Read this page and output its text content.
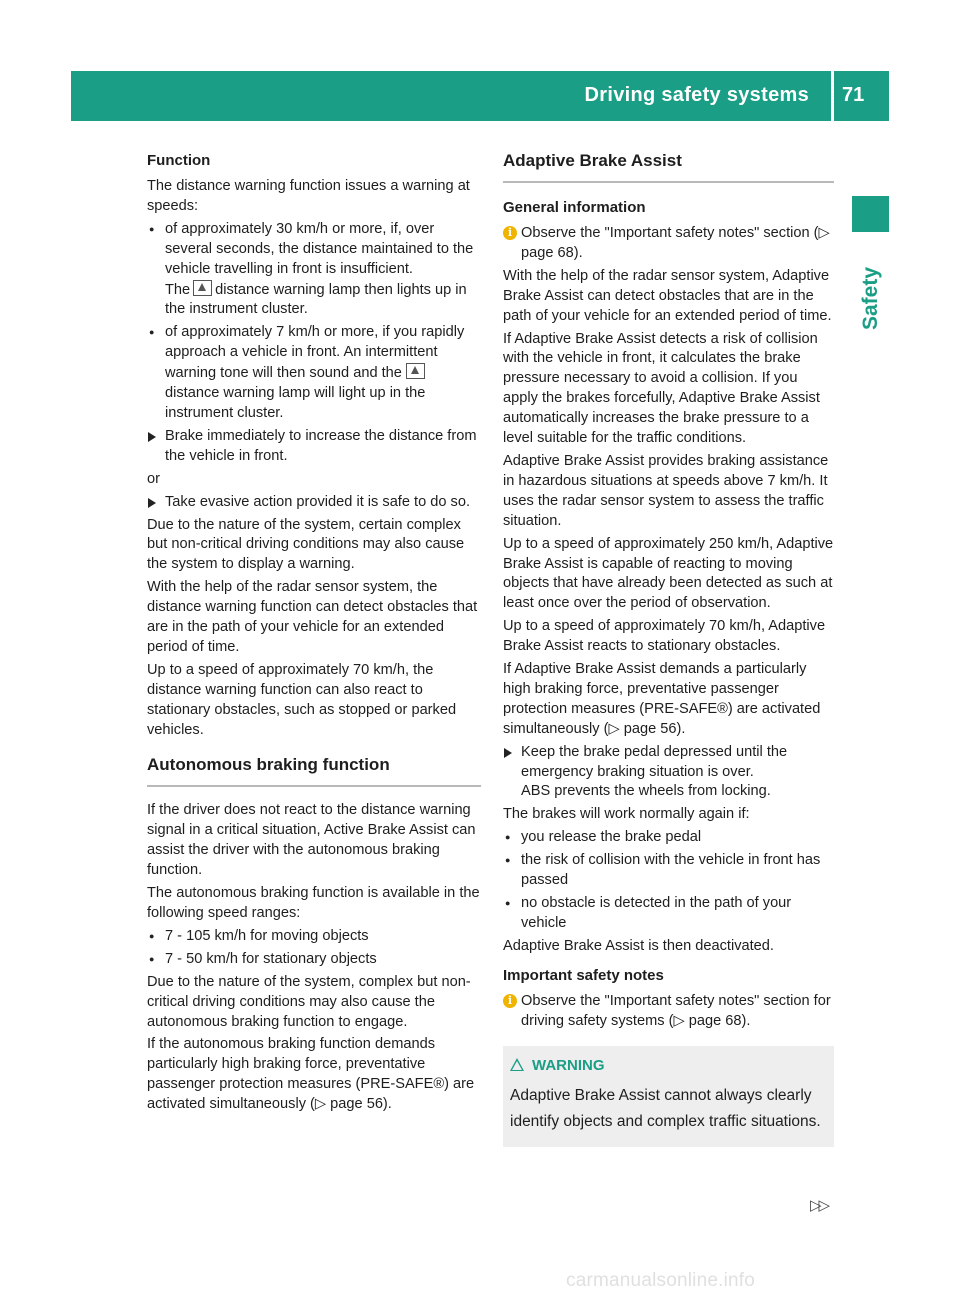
Driving safety systems 71
Safety
Function

The distance warning function issues a warning at speeds:

● of approximately 30 km/h or more, if, over several seconds, the distance maintained to the vehicle travelling in front is insufficient.
The distance warning lamp then lights up in the instrument cluster.
● of approximately 7 km/h or more, if you rapidly approach a vehicle in front. An intermittent warning tone will then sound and the distance warning lamp will light up in the instrument cluster.
Brake immediately to increase the distance from the vehicle in front.

or

Take evasive action provided it is safe to do so.

Due to the nature of the system, certain complex but non-critical driving conditions may also cause the system to display a warning.

With the help of the radar sensor system, the distance warning function can detect obstacles that are in the path of your vehicle for an extended period of time.

Up to a speed of approximately 70 km/h, the distance warning function can also react to stationary obstacles, such as stopped or parked vehicles.

Autonomous braking function

If the driver does not react to the distance warning signal in a critical situation, Active Brake Assist can assist the driver with the autonomous braking function.

The autonomous braking function is available in the following speed ranges:

● 7 - 105 km/h for moving objects
● 7 - 50 km/h for stationary objects

Due to the nature of the system, complex but non-critical driving conditions may also cause the autonomous braking function to engage.

If the autonomous braking function demands particularly high braking force, preventative passenger protection measures (PRE-SAFE®) are activated simultaneously (▷ page 56).

Adaptive Brake Assist
General information
i Observe the "Important safety notes" section (▷ page 68).

With the help of the radar sensor system, Adaptive Brake Assist can detect obstacles that are in the path of your vehicle for an extended period of time.

If Adaptive Brake Assist detects a risk of collision with the vehicle in front, it calculates the brake pressure necessary to avoid a collision. If you apply the brakes forcefully, Adaptive Brake Assist automatically increases the brake pressure to a level suitable for the traffic conditions.

Adaptive Brake Assist provides braking assistance in hazardous situations at speeds above 7 km/h. It uses the radar sensor system to assess the traffic situation.

Up to a speed of approximately 250 km/h, Adaptive Brake Assist is capable of reacting to moving objects that have already been detected as such at least once over the period of observation.

Up to a speed of approximately 70 km/h, Adaptive Brake Assist reacts to stationary obstacles.

If Adaptive Brake Assist demands a particularly high braking force, preventative passenger protection measures (PRE-SAFE®) are activated simultaneously (▷ page 56).

Keep the brake pedal depressed until the emergency braking situation is over.
ABS prevents the wheels from locking.

The brakes will work normally again if:

● you release the brake pedal
● the risk of collision with the vehicle in front has passed
● no obstacle is detected in the path of your vehicle

Adaptive Brake Assist is then deactivated.

Important safety notes
i Observe the "Important safety notes" section for driving safety systems (▷ page 68).
WARNING
Adaptive Brake Assist cannot always clearly identify objects and complex traffic situations.
▷▷
carmanualsonline.info
